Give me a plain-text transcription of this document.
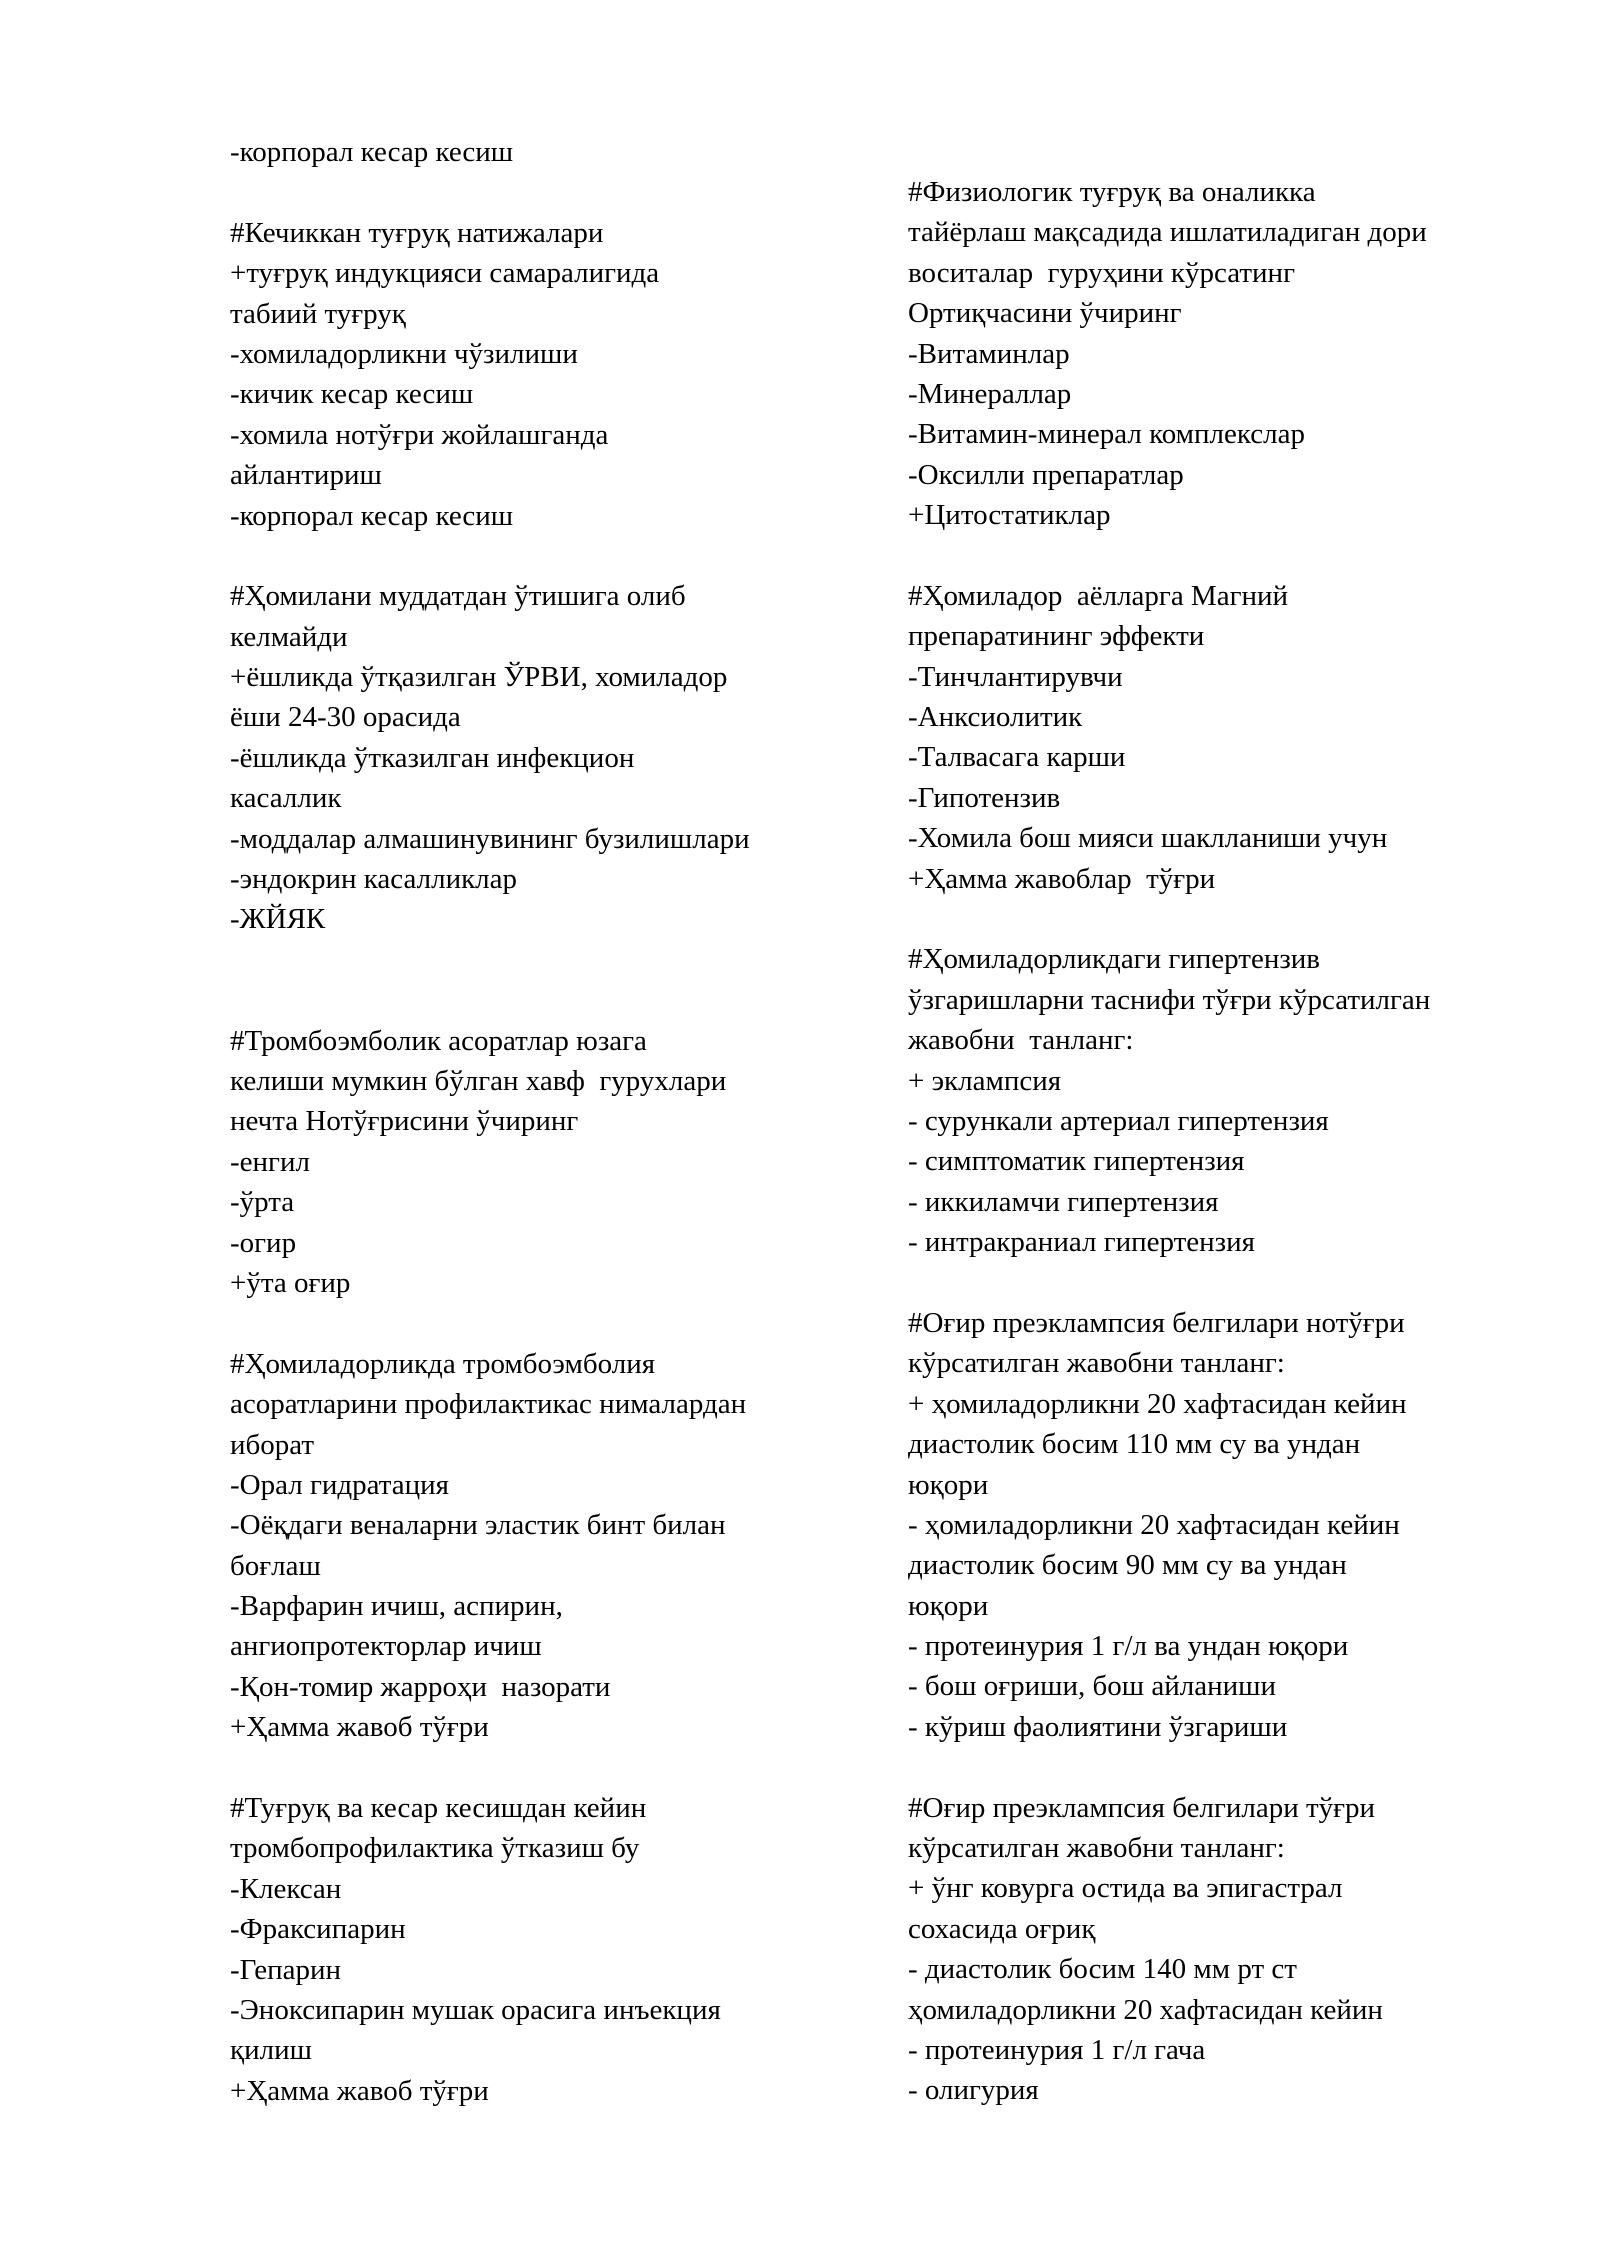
-корпорал кесар кесиш
#Кечиккан туғруқ натижалари
+туғруқ индукцияси самаралигида
табиий туғруқ
-хомиладорликни чўзилиши
-кичик кесар кесиш
-хомила нотўғри жойлашганда
айлантириш
-корпорал кесар кесиш
#Ҳомилани муддатдан ўтишига олиб
келмайди
+ёшликда ўтқазилган ЎРВИ, хомиладор
ёши 24-30 орасида
-ёшликда ўтказилган инфекцион
касаллик
-моддалар алмашинувининг бузилишлари
-эндокрин касалликлар
-ЖЙЯК
#Тромбоэмболик асоратлар юзага
келиши мумкин бўлган хавф  гурухлари
нечта Нотўғрисини ўчиринг
-енгил
-ўрта
-огир
+ўта оғир
#Ҳомиладорликда тромбоэмболия
асоратларини профилактикас нималардан
иборат
-Орал гидратация
-Оёқдаги веналарни эластик бинт билан
боғлаш
-Варфарин ичиш, аспирин,
ангиопротекторлар ичиш
-Қон-томир жарроҳи  назорати
+Ҳамма жавоб тўғри
#Туғруқ ва кесар кесишдан кейин
тромбопрофилактика ўтказиш бу
-Клексан
-Фраксипарин
-Гепарин
-Эноксипарин мушак орасига инъекция
қилиш
+Ҳамма жавоб тўғри
#Физиологик туғруқ ва оналикка
тайёрлаш мақсадида ишлатиладиган дори
воситалар  гуруҳини кўрсатинг
Ортиқчасини ўчиринг
-Витаминлар
-Минераллар
-Витамин-минерал комплекслар
-Оксилли препаратлар
+Цитостатиклар
#Ҳомиладор  аёлларга Магний
препаратининг эффекти
-Тинчлантирувчи
-Анксиолитик
-Талвасага карши
-Гипотензив
-Хомила бош мияси шаклланиши учун
+Ҳамма жавоблар  тўғри
#Ҳомиладорликдаги гипертензив
ўзгаришларни таснифи тўғри кўрсатилган
жавобни  танланг:
+ эклампсия
- сурункали артериал гипертензия
- симптоматик гипертензия
- иккиламчи гипертензия
- интракраниал гипертензия
#Оғир преэклампсия белгилари нотўғри
кўрсатилган жавобни танланг:
+ ҳомиладорликни 20 хафтасидан кейин
диастолик босим 110 мм су ва ундан
юқори
- ҳомиладорликни 20 хафтасидан кейин
диастолик босим 90 мм су ва ундан
юқори
- протеинурия 1 г/л ва ундан юқори
- бош оғриши, бош айланиши
- кўриш фаолиятини ўзгариши
#Оғир преэклампсия белгилари тўғри
кўрсатилган жавобни танланг:
+ ўнг ковурга остида ва эпигастрал
сохасида оғриқ
- диастолик босим 140 мм рт ст
ҳомиладорликни 20 хафтасидан кейин
- протеинурия 1 г/л гача
- олигурия
